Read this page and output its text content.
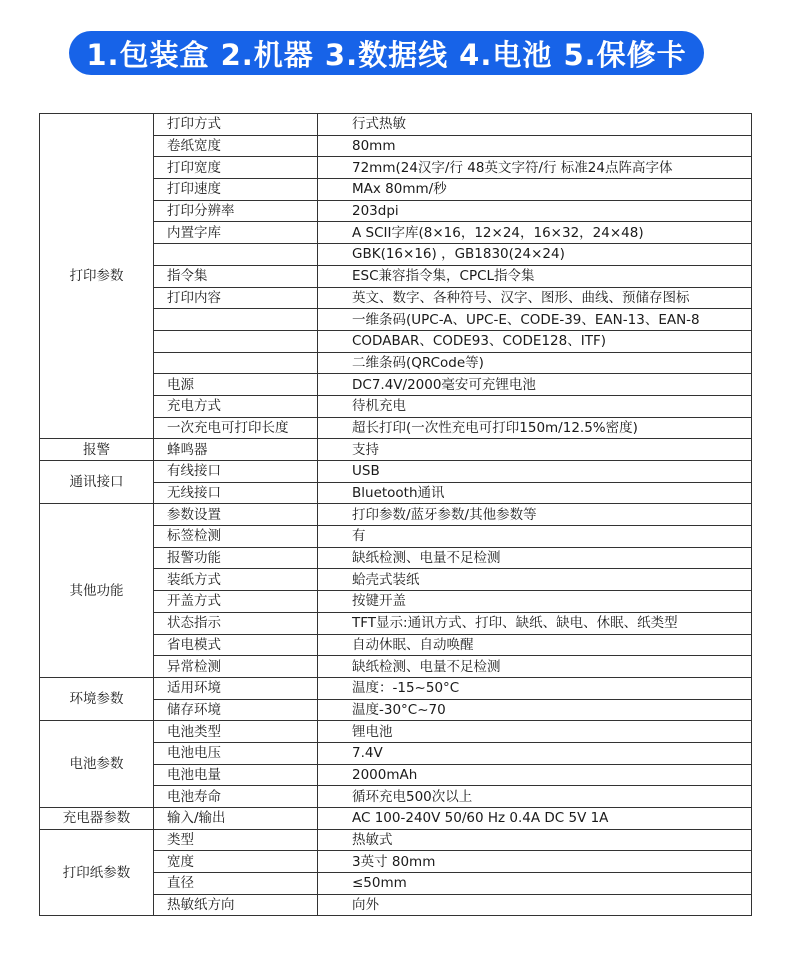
1.包装盒 2.机器 3.数据线 4.电池 5.保修卡
打印参数	打印方式	行式热敏
	卷纸宽度	80mm
	打印宽度	72mm(24汉字/行 48英文字符/行 标准24点阵高字体
	打印速度	MAx 80mm/秒
	打印分辨率	203dpi
	内置字库	A SCII字库(8×16，12×24，16×32，24×48)
		GBK(16×16) ，GB1830(24×24)
	指令集	ESC兼容指令集，CPCL指令集
	打印内容	英文、数字、各种符号、汉字、图形、曲线、预储存图标
		一维条码(UPC-A、UPC-E、CODE-39、EAN-13、EAN-8
		CODABAR、CODE93、CODE128、ITF)
		二维条码(QRCode等)
	电源	DC7.4V/2000毫安可充锂电池
	充电方式	待机充电
	一次充电可打印长度	超长打印(一次性充电可打印150m/12.5%密度)
报警	蜂鸣器	支持
通讯接口	有线接口	USB
	无线接口	Bluetooth通讯
其他功能	参数设置	打印参数/蓝牙参数/其他参数等
	标签检测	有
	报警功能	缺纸检测、电量不足检测
	装纸方式	蛤壳式装纸
	开盖方式	按键开盖
	状态指示	TFT显示:通讯方式、打印、缺纸、缺电、休眠、纸类型
	省电模式	自动休眠、自动唤醒
	异常检测	缺纸检测、电量不足检测
环境参数	适用环境	温度：-15~50°C
	储存环境	温度-30°C~70
电池参数	电池类型	锂电池
	电池电压	7.4V
	电池电量	2000mAh
	电池寿命	循环充电500次以上
充电器参数	输入/输出	AC 100-240V 50/60 Hz 0.4A DC 5V 1A
打印纸参数	类型	热敏式
	宽度	3英寸 80mm
	直径	≤50mm
	热敏纸方向	向外
